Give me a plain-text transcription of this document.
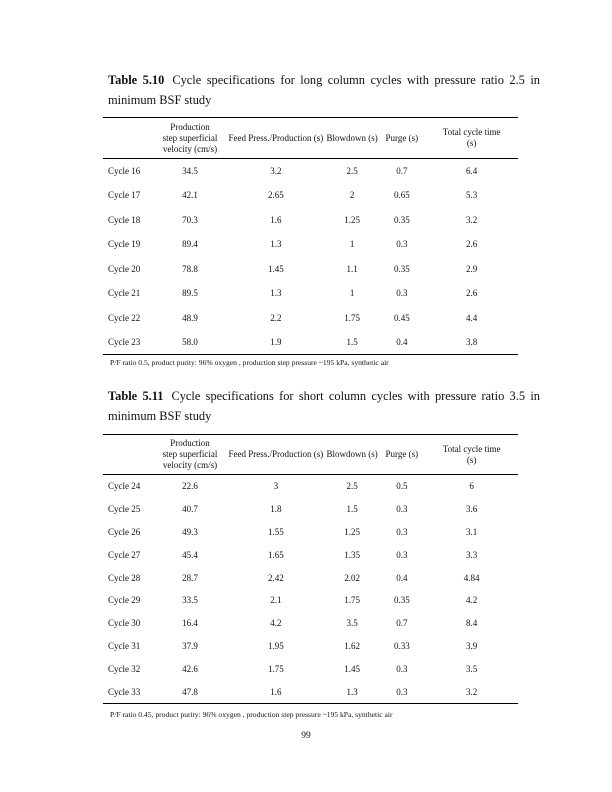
Table 5.10 Cycle specifications for long column cycles with pressure ratio 2.5 in
minimum BSF study
	Production step superficial velocity (cm/s)	Feed Press./Production (s)	Blowdown (s)	Purge (s)	Total cycle time (s)
Cycle 16	34.5	3.2	2.5	0.7	6.4
Cycle 17	42.1	2.65	2	0.65	5.3
Cycle 18	70.3	1.6	1.25	0.35	3.2
Cycle 19	89.4	1.3	1	0.3	2.6
Cycle 20	78.8	1.45	1.1	0.35	2.9
Cycle 21	89.5	1.3	1	0.3	2.6
Cycle 22	48.9	2.2	1.75	0.45	4.4
Cycle 23	58.0	1.9	1.5	0.4	3.8
P/F ratio 0.5, product purity: 96% oxygen , production step pressure ~195 kPa, synthetic air
Table 5.11 Cycle specifications for short column cycles with pressure ratio 3.5 in
minimum BSF study
	Production step superficial velocity (cm/s)	Feed Press./Production (s)	Blowdown (s)	Purge (s)	Total cycle time (s)
Cycle 24	22.6	3	2.5	0.5	6
Cycle 25	40.7	1.8	1.5	0.3	3.6
Cycle 26	49.3	1.55	1.25	0.3	3.1
Cycle 27	45.4	1.65	1.35	0.3	3.3
Cycle 28	28.7	2.42	2.02	0.4	4.84
Cycle 29	33.5	2.1	1.75	0.35	4.2
Cycle 30	16.4	4.2	3.5	0.7	8.4
Cycle 31	37.9	1.95	1.62	0.33	3.9
Cycle 32	42.6	1.75	1.45	0.3	3.5
Cycle 33	47.8	1.6	1.3	0.3	3.2
P/F ratio 0.45, product purity: 96% oxygen , production step pressure ~195 kPa, synthetic air
99
